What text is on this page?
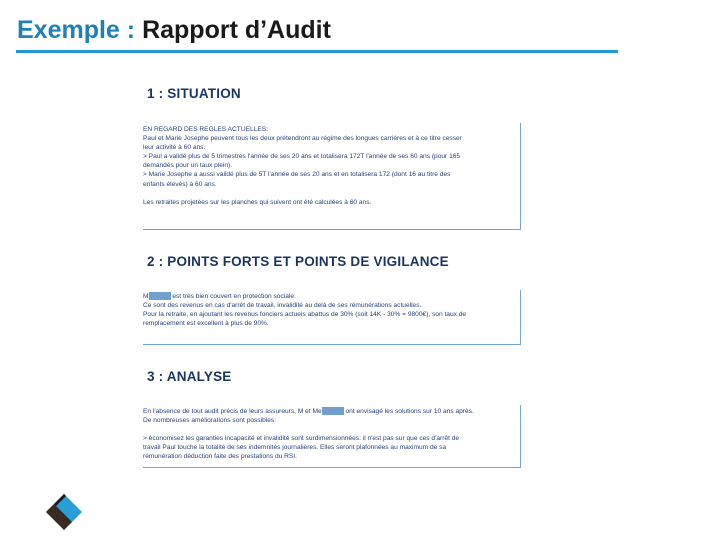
Exemple : Rapport d’Audit
1 : SITUATION

EN REGARD DES REGLES ACTUELLES:

Paul et Marie Josephe peuvent tous les deux prétendront au régime des longues carrières et à ce titre cesser

leur activité à 60 ans.

> Paul a validé plus de 5 trimestres l'année de ses 20 ans et totalisera 172T l'année de ses 60 ans (pour 165

demandés pour un taux plein).

> Marie Josephe a aussi validé plus de 5T l'année de ses 20 ans et en totalisera 172 (dont 16 au titre des

enfants élevés) à 60 ans.

Les retraites projetées sur les planches qui suivent ont été calculées à 60 ans.

2 : POINTS FORTS ET POINTS DE VIGILANCE

M	est très bien couvert en protection sociale.

Ce sont des revenus en cas d'arrêt de travail, invalidité au delà de ses rémunérations actuelles.

Pour la retraite, en ajoutant les revenus fonciers actuels abattus de 30% (soit 14K - 30% = 9800€), son taux de

remplacement est excellent à plus de 90%.

3 : ANALYSE

En l'absence de tout audit précis de leurs assureurs, M et Me	ont envisagé les solutions sur 10 ans après.

De nombreuses améliorations sont possibles:

> économisez les garanties incapacité et invalidité sont surdimensionnées: il n'est pas sur que ces d'arrêt de

travail Paul touche la totalité de ses indemnités journalières. Elles seront plafonnées au maximum de sa

rémunération déduction faite des prestations du RSI.
